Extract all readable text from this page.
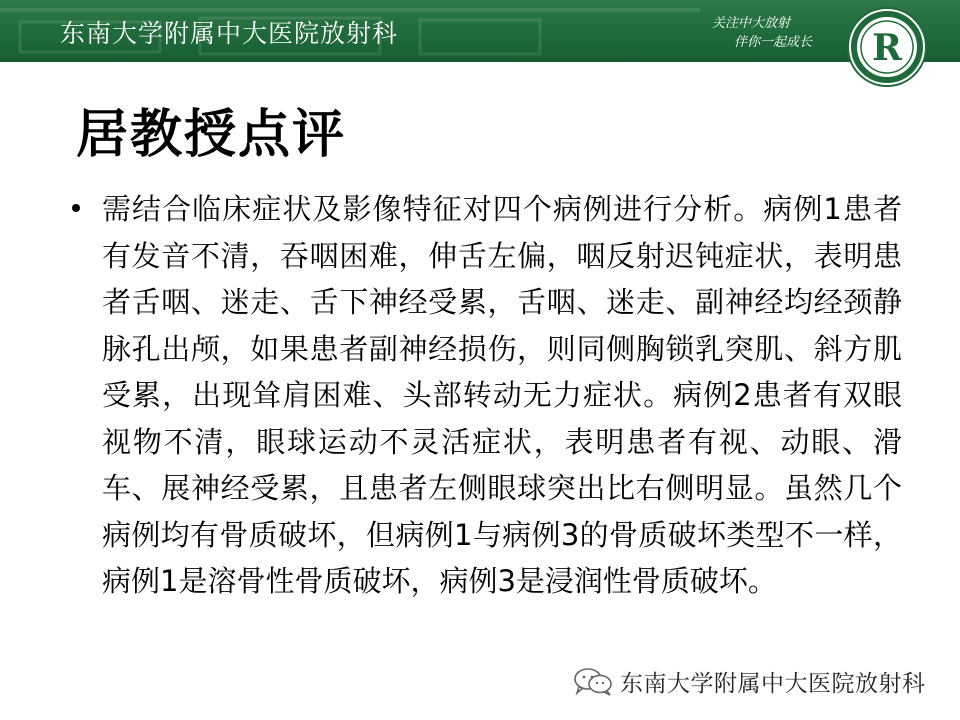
东南大学附属中大医院放射科	关注中大放射
伴你一起成长	R
居教授点评
需结合临床症状及影像特征对四个病例进行分析。病例1患者有发音不清，吞咽困难，伸舌左偏，咽反射迟钝症状，表明患者舌咽、迷走、舌下神经受累，舌咽、迷走、副神经均经颈静脉孔出颅，如果患者副神经损伤，则同侧胸锁乳突肌、斜方肌受累，出现耸肩困难、头部转动无力症状。病例2患者有双眼视物不清，眼球运动不灵活症状，表明患者有视、动眼、滑车、展神经受累，且患者左侧眼球突出比右侧明显。虽然几个病例均有骨质破坏，但病例1与病例3的骨质破坏类型不一样，病例1是溶骨性骨质破坏，病例3是浸润性骨质破坏。
东南大学附属中大医院放射科
